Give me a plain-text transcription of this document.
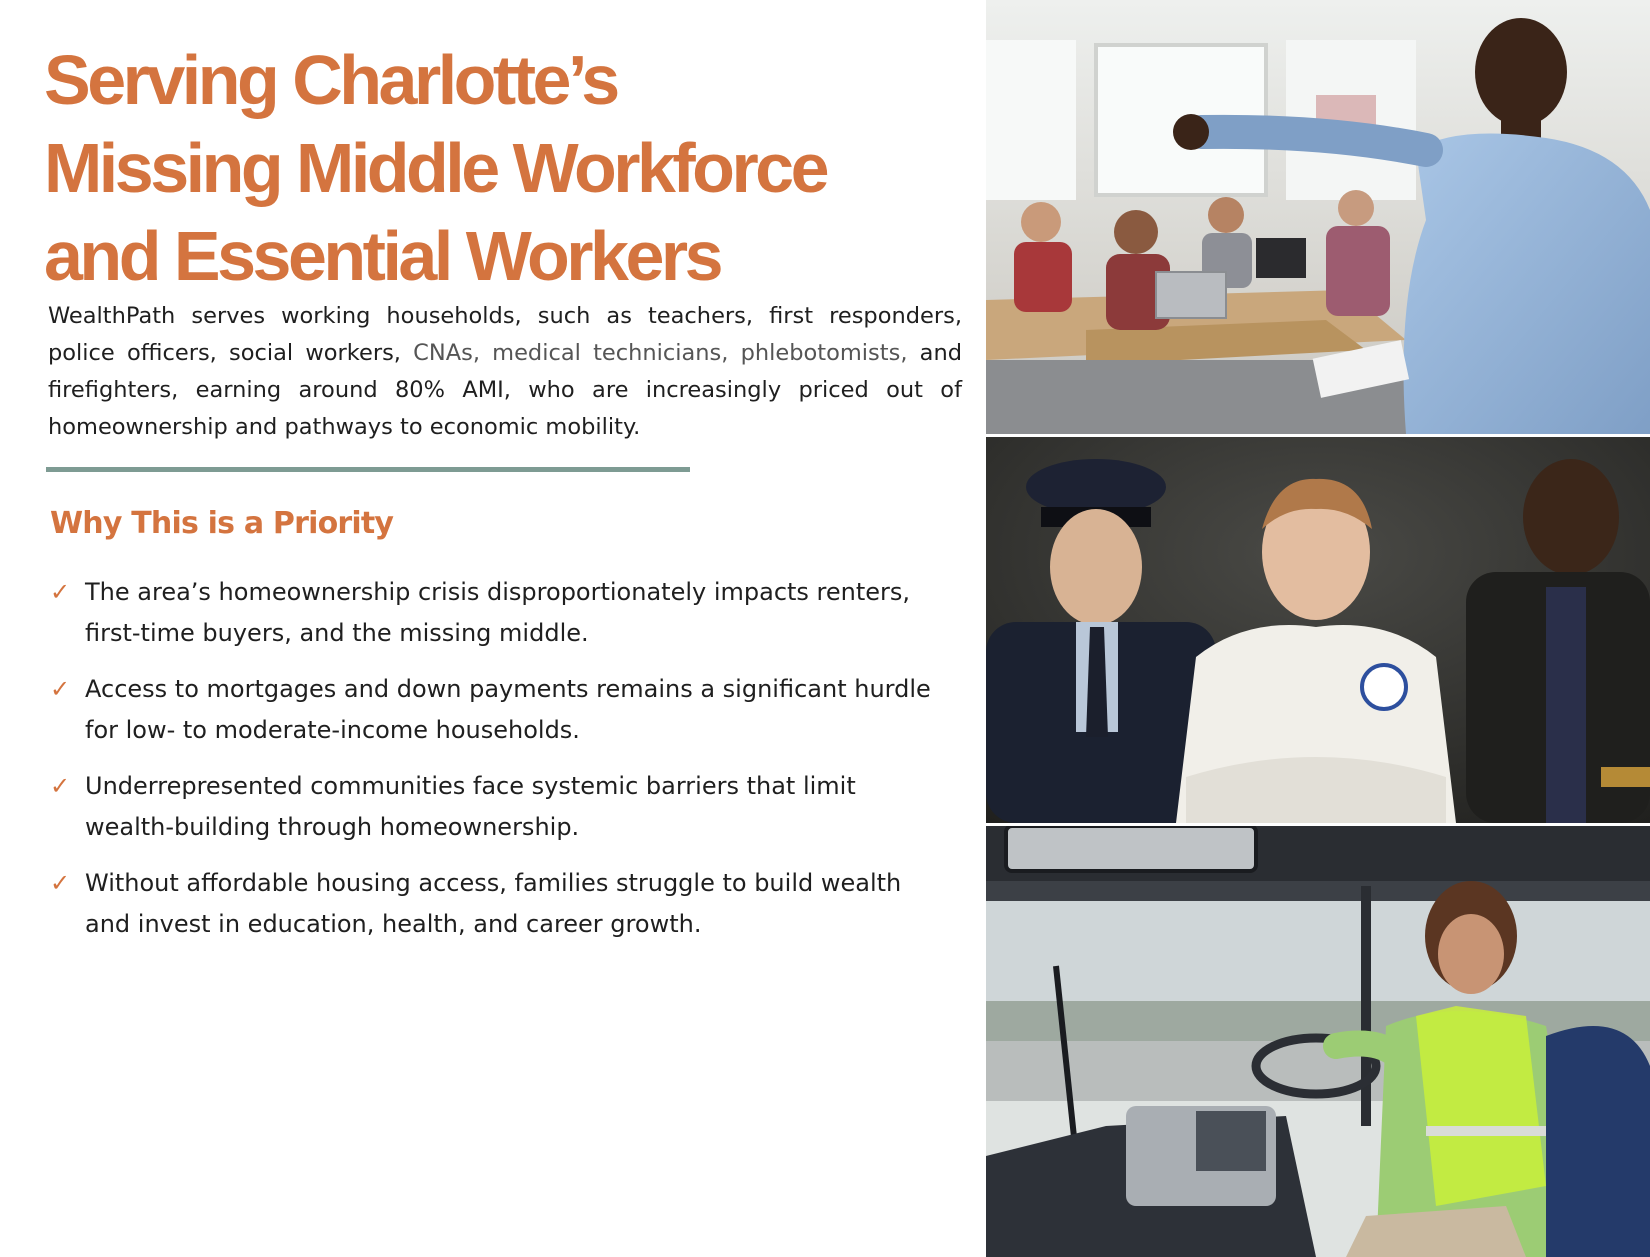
Serving Charlotte’s
Missing Middle Workforce
and Essential Workers

WealthPath serves working households, such as teachers, first responders, police officers, social workers, CNAs, medical technicians, phlebotomists, and firefighters, earning around 80% AMI, who are increasingly priced out of homeownership and pathways to economic mobility.

Why This is a Priority
✓ The area’s homeownership crisis disproportionately impacts renters, first-time buyers, and the missing middle.
✓ Access to mortgages and down payments remains a significant hurdle for low- to moderate-income households.
✓ Underrepresented communities face systemic barriers that limit wealth-building through homeownership.
✓ Without affordable housing access, families struggle to build wealth and invest in education, health, and career growth.
